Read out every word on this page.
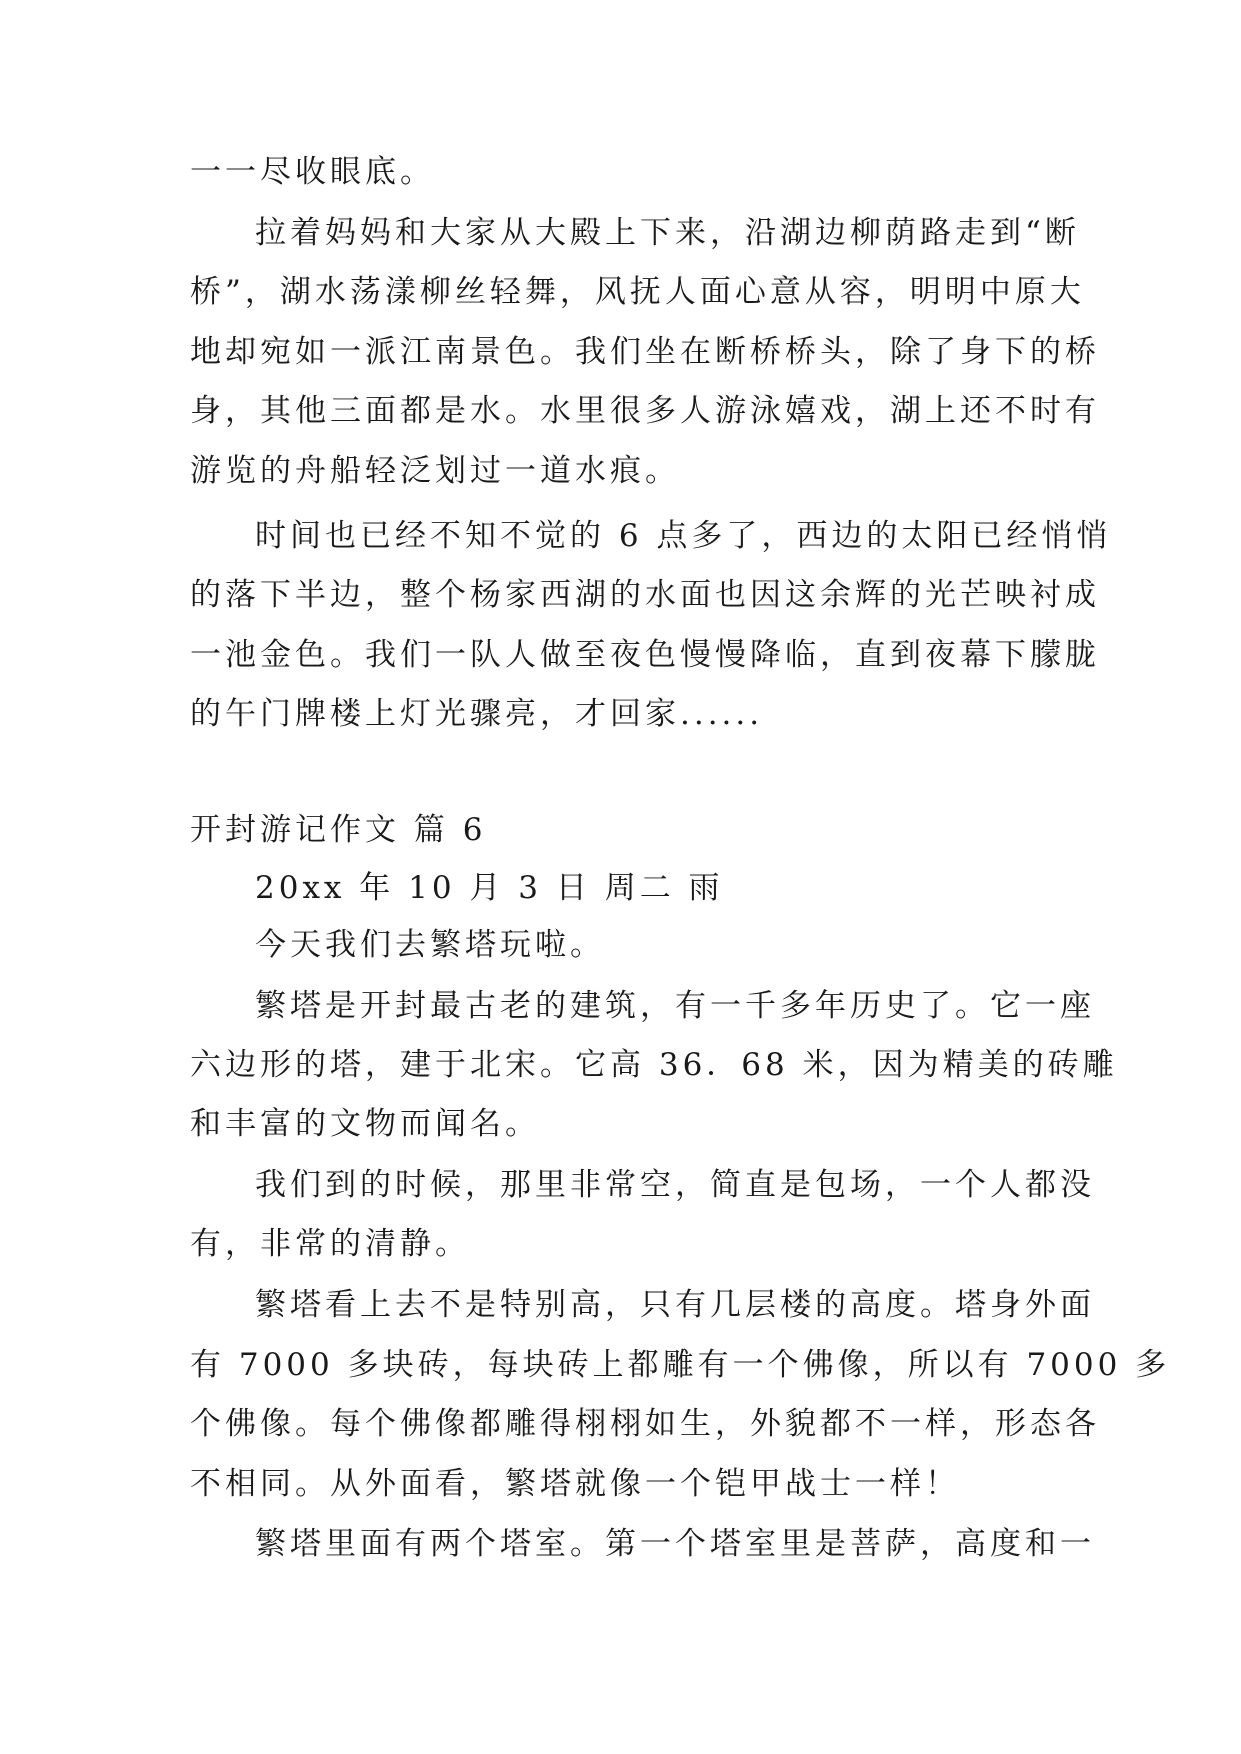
一一尽收眼底。
拉着妈妈和大家从大殿上下来，沿湖边柳荫路走到“断
桥”，湖水荡漾柳丝轻舞，风抚人面心意从容，明明中原大
地却宛如一派江南景色。我们坐在断桥桥头，除了身下的桥
身，其他三面都是水。水里很多人游泳嬉戏，湖上还不时有
游览的舟船轻泛划过一道水痕。
时间也已经不知不觉的 6 点多了，西边的太阳已经悄悄
的落下半边，整个杨家西湖的水面也因这余辉的光芒映衬成
一池金色。我们一队人做至夜色慢慢降临，直到夜幕下朦胧
的午门牌楼上灯光骤亮，才回家......
开封游记作文 篇 6
20xx 年 10 月 3 日 周二 雨
今天我们去繁塔玩啦。
繁塔是开封最古老的建筑，有一千多年历史了。它一座
六边形的塔，建于北宋。它高 36．68 米，因为精美的砖雕
和丰富的文物而闻名。
我们到的时候，那里非常空，简直是包场，一个人都没
有，非常的清静。
繁塔看上去不是特别高，只有几层楼的高度。塔身外面
有 7000 多块砖，每块砖上都雕有一个佛像，所以有 7000 多
个佛像。每个佛像都雕得栩栩如生，外貌都不一样，形态各
不相同。从外面看，繁塔就像一个铠甲战士一样！
繁塔里面有两个塔室。第一个塔室里是菩萨，高度和一
